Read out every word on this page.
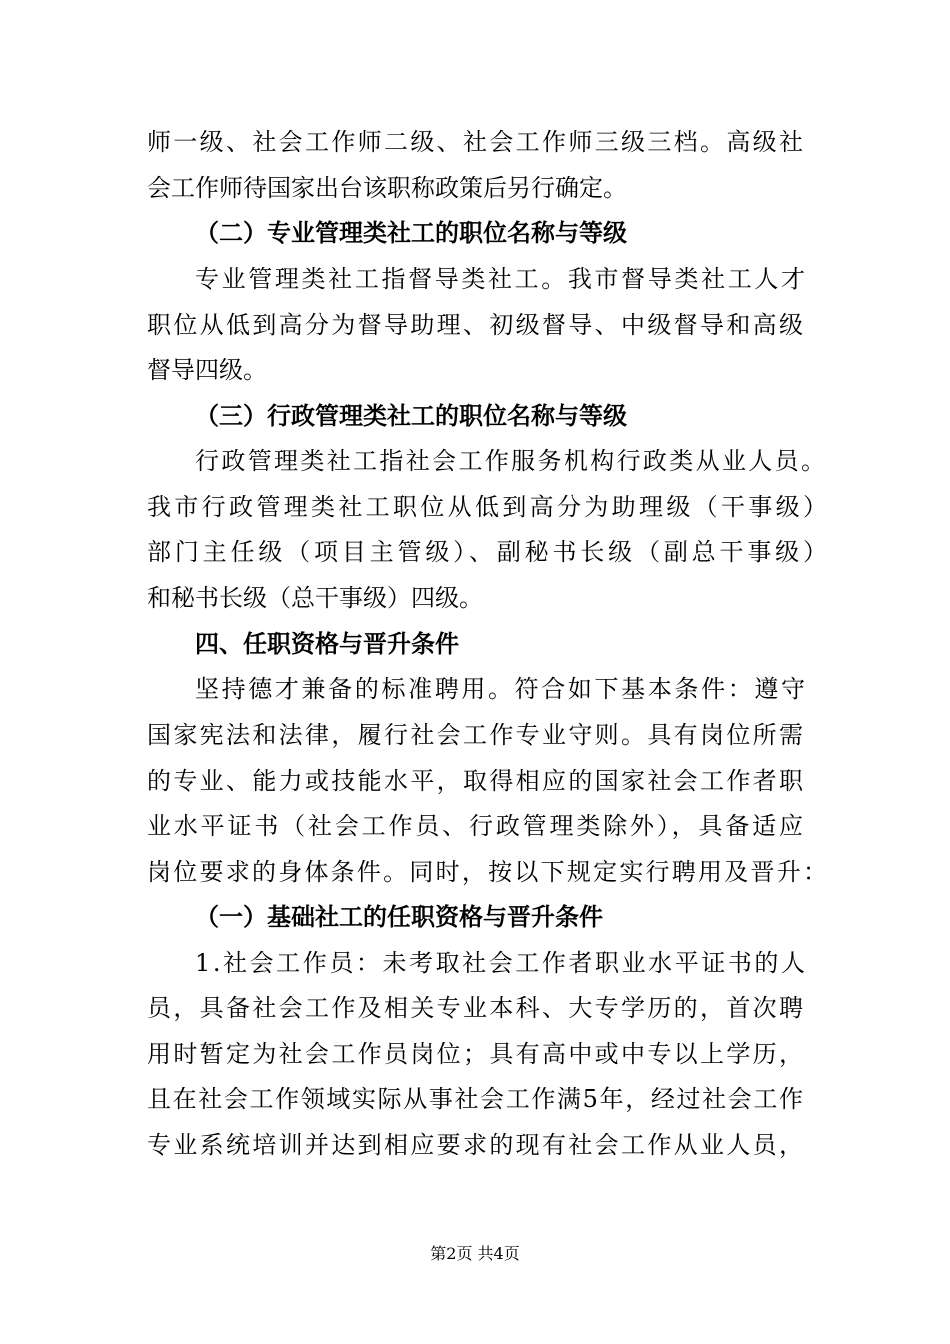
师一级、社会工作师二级、社会工作师三级三档。高级社
会工作师待国家出台该职称政策后另行确定。
（二）专业管理类社工的职位名称与等级
专业管理类社工指督导类社工。我市督导类社工人才
职位从低到高分为督导助理、初级督导、中级督导和高级
督导四级。
（三）行政管理类社工的职位名称与等级
行政管理类社工指社会工作服务机构行政类从业人员。
我市行政管理类社工职位从低到高分为助理级（干事级）
部门主任级（项目主管级）、副秘书长级（副总干事级）
和秘书长级（总干事级）四级。
四、任职资格与晋升条件
坚持德才兼备的标准聘用。符合如下基本条件：遵守
国家宪法和法律，履行社会工作专业守则。具有岗位所需
的专业、能力或技能水平，取得相应的国家社会工作者职
业水平证书（社会工作员、行政管理类除外），具备适应
岗位要求的身体条件。同时，按以下规定实行聘用及晋升：
（一）基础社工的任职资格与晋升条件
1.社会工作员：未考取社会工作者职业水平证书的人
员，具备社会工作及相关专业本科、大专学历的，首次聘
用时暂定为社会工作员岗位；具有高中或中专以上学历，
且在社会工作领域实际从事社会工作满5年，经过社会工作
专业系统培训并达到相应要求的现有社会工作从业人员，
第2页 共4页
